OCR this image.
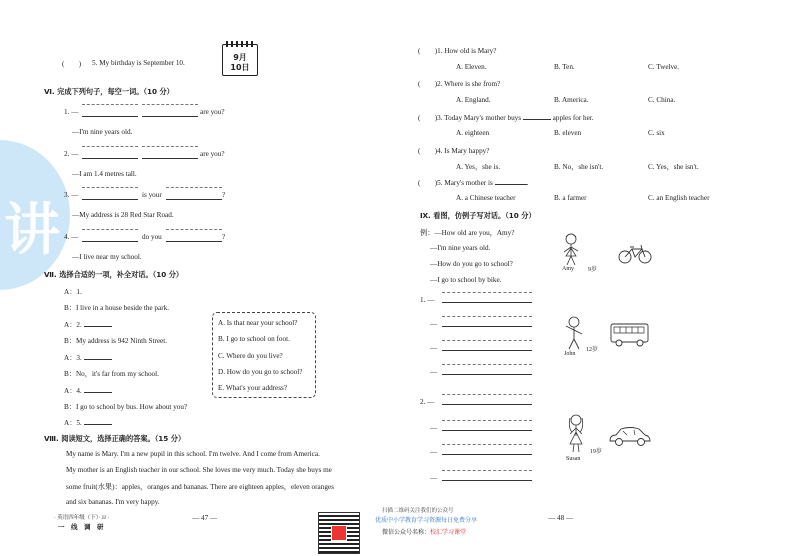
讲
(　　) 5. My birthday is September 10.
9月
10日
Ⅵ. 完成下列句子，每空一词。（10 分）
1. —	are you?
—I'm nine years old.
2. —	are you?
—I am 1.4 metres tall.
3. —	is your	?
—My address is 28 Red Star Road.
4. —	do you	?
—I live near my school.
Ⅶ. 选择合适的一项，补全对话。（10 分）
A：1.
B：I live in a house beside the park.
A：2.
B：My address is 942 Ninth Street.
A：3.
B：No，it's far from my school.
A：4.
B：I go to school by bus. How about you?
A：5.
A. Is that near your school?
B. I go to school on foot.
C. Where do you live?
D. How do you go to school?
E. What's your address?
Ⅷ. 阅读短文，选择正确的答案。（15 分）
My name is Mary. I'm a new pupil in this school. I'm twelve. And I come from America.
My mother is an English teacher in our school. She loves me very much. Today she buys me
some fruit(水果)：apples，oranges and bananas. There are eighteen apples，eleven oranges
and six bananas. I'm very happy.
· 英语四年级（下）· JJ ·
一　线　调　研
— 47 —
扫描二维码关注我们的公众号
优质中小学教育学习资源每日免费分享
微信公众号名称：校汇学习课堂
(　　)1. How old is Mary?
A. Eleven.	B. Ten.	C. Twelve.
(　　)2. Where is she from?
A. England.	B. America.	C. China.
(　　)3. Today Mary's mother buys	apples for her.
A. eighteen	B. eleven	C. six
(　　)4. Is Mary happy?
A. Yes，she is.	B. No，she isn't.	C. Yes，she isn't.
(　　)5. Mary's mother is	.
A. a Chinese teacher	B. a farmer	C. an English teacher
Ⅸ. 看图，仿例子写对话。（10 分）
例：—How old are you，Amy?
—I'm nine years old.
—How do you go to school?
—I go to school by bike.
Amy 9岁
1. —
—
—
—
John
12岁
2. —
—
—
—
Susan
19岁
— 48 —
